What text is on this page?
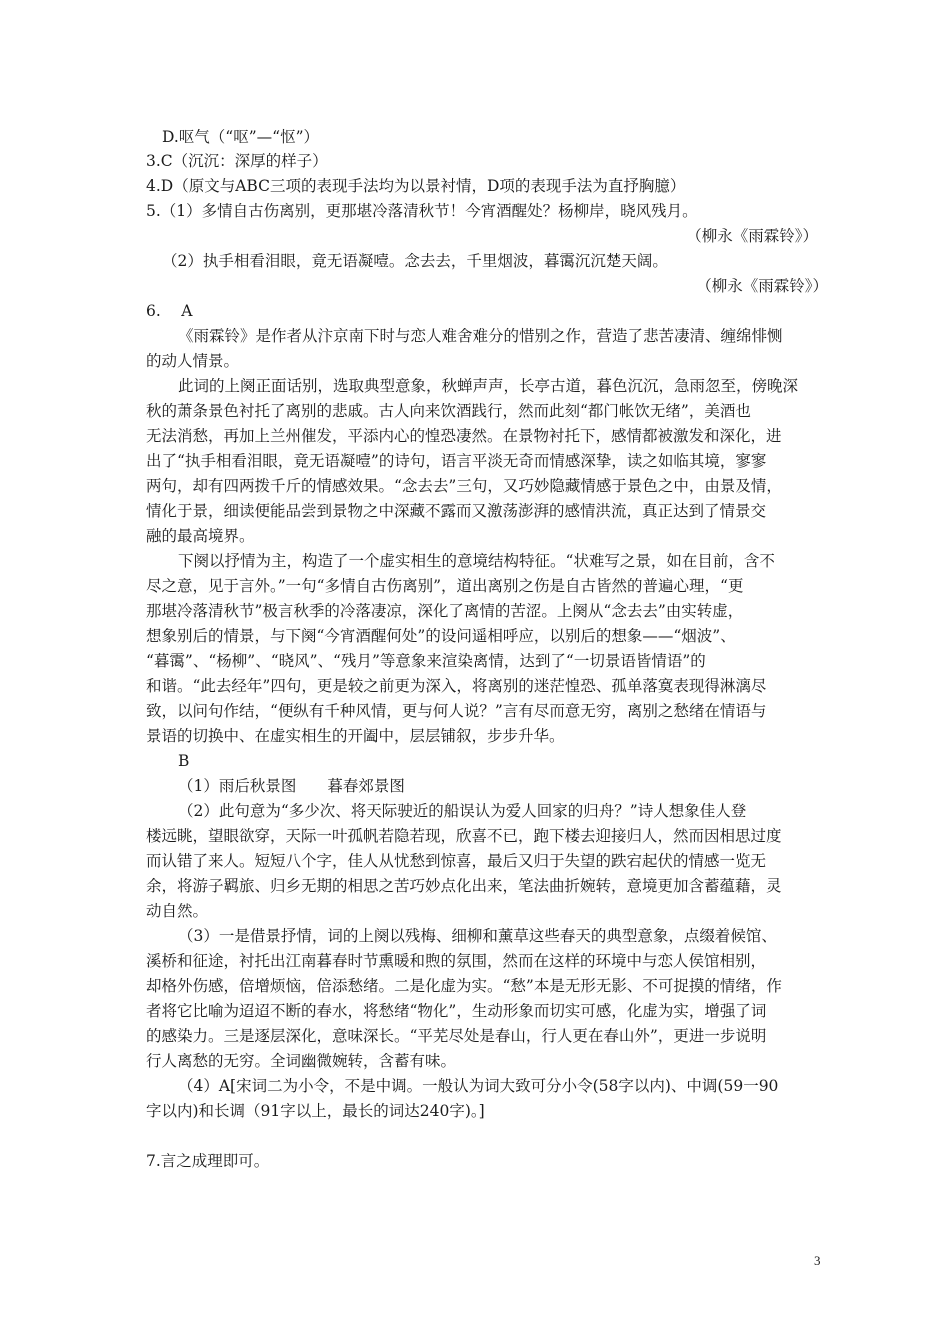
D.呕气（“呕”—“怄”）
3.C（沉沉：深厚的样子）
4.D（原文与ABC三项的表现手法均为以景衬情，D项的表现手法为直抒胸臆）
5.（1）多情自古伤离别，更那堪冷落清秋节！今宵酒醒处？杨柳岸，晓风残月。
（柳永《雨霖铃》）
（2）执手相看泪眼，竟无语凝噎。念去去，千里烟波，暮霭沉沉楚天阔。
（柳永《雨霖铃》）
6.　 A
《雨霖铃》是作者从汴京南下时与恋人难舍难分的惜别之作，营造了悲苦凄清、缠绵悱恻
的动人情景。
此词的上阕正面话别，选取典型意象，秋蝉声声，长亭古道，暮色沉沉，急雨忽至，傍晚深
秋的萧条景色衬托了离别的悲戚。古人向来饮酒践行，然而此刻“都门帐饮无绪”，美酒也
无法消愁，再加上兰州催发，平添内心的惶恐凄然。在景物衬托下，感情都被激发和深化，进
出了“执手相看泪眼，竟无语凝噎”的诗句，语言平淡无奇而情感深挚，读之如临其境，寥寥
两句，却有四两拨千斤的情感效果。“念去去”三句，又巧妙隐藏情感于景色之中，由景及情，
情化于景，细读便能品尝到景物之中深藏不露而又激荡澎湃的感情洪流，真正达到了情景交
融的最高境界。
下阕以抒情为主，构造了一个虚实相生的意境结构特征。“状难写之景，如在目前，含不
尽之意，见于言外。”一句“多情自古伤离别”，道出离别之伤是自古皆然的普遍心理，“更
那堪冷落清秋节”极言秋季的冷落凄凉，深化了离情的苦涩。上阕从“念去去”由实转虚，
想象别后的情景，与下阕“今宵酒醒何处”的设问遥相呼应，以别后的想象——“烟波”、
“暮霭”、“杨柳”、“晓风”、“残月”等意象来渲染离情，达到了“一切景语皆情语”的
和谐。“此去经年”四句，更是较之前更为深入，将离别的迷茫惶恐、孤单落寞表现得淋漓尽
致，以问句作结，“便纵有千种风情，更与何人说？”言有尽而意无穷，离别之愁绪在情语与
景语的切换中、在虚实相生的开阖中，层层铺叙，步步升华。
B
（1）雨后秋景图　　暮春郊景图
（2）此句意为“多少次、将天际驶近的船误认为爱人回家的归舟？”诗人想象佳人登
楼远眺，望眼欲穿，天际一叶孤帆若隐若现，欣喜不已，跑下楼去迎接归人，然而因相思过度
而认错了来人。短短八个字，佳人从忧愁到惊喜，最后又归于失望的跌宕起伏的情感一览无
余，将游子羁旅、归乡无期的相思之苦巧妙点化出来，笔法曲折婉转，意境更加含蓄蕴藉，灵
动自然。
（3）一是借景抒情，词的上阕以残梅、细柳和薰草这些春天的典型意象，点缀着候馆、
溪桥和征途，衬托出江南暮春时节熏暖和煦的氛围，然而在这样的环境中与恋人侯馆相别，
却格外伤感，倍增烦恼，倍添愁绪。二是化虚为实。“愁”本是无形无影、不可捉摸的情绪，作
者将它比喻为迢迢不断的春水，将愁绪“物化”，生动形象而切实可感，化虚为实，增强了词
的感染力。三是逐层深化，意味深长。“平芜尽处是春山，行人更在春山外”，更进一步说明
行人离愁的无穷。全词幽微婉转，含蓄有味。
（4）A[宋词二为小令，不是中调。一般认为词大致可分小令(58字以内)、中调(59一90
字以内)和长调（91字以上，最长的词达240字)。]
7.言之成理即可。
3
